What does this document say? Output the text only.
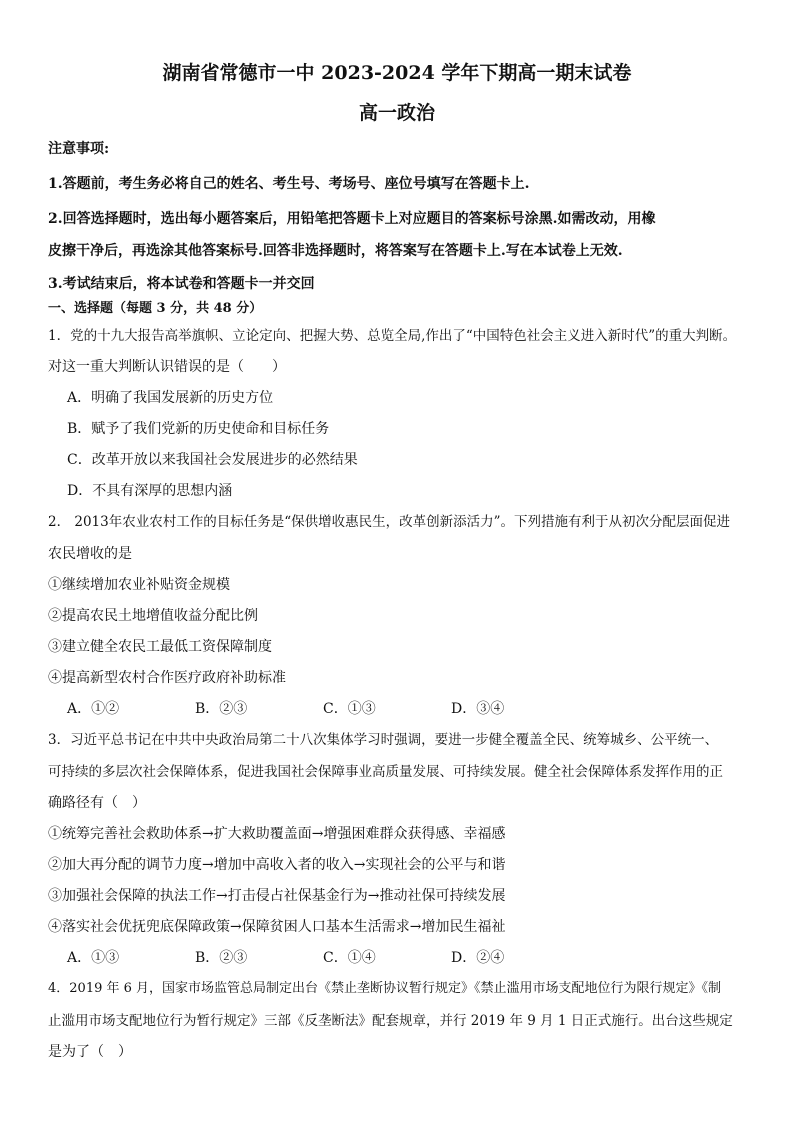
湖南省常德市一中 2023-2024 学年下期高一期末试卷
高一政治
注意事项:
1.答题前，考生务必将自己的姓名、考生号、考场号、座位号填写在答题卡上.
2.回答选择题时，选出每小题答案后，用铅笔把答题卡上对应题目的答案标号涂黑.如需改动，用橡
皮擦干净后，再选涂其他答案标号.回答非选择题时，将答案写在答题卡上.写在本试卷上无效.
3.考试结束后，将本试卷和答题卡一并交回
一、选择题（每题 3 分，共 48 分）
1．党的十九大报告高举旗帜、立论定向、把握大势、总览全局,作出了“中国特色社会主义进入新时代”的重大判断。
对这一重大判断认识错误的是（　　）
A．明确了我国发展新的历史方位
B．赋予了我们党新的历史使命和目标任务
C．改革开放以来我国社会发展进步的必然结果
D．不具有深厚的思想内涵
2． 2013年农业农村工作的目标任务是“保供增收惠民生，改革创新添活力”。下列措施有利于从初次分配层面促进
农民增收的是
①继续增加农业补贴资金规模
②提高农民土地增值收益分配比例
③建立健全农民工最低工资保障制度
④提高新型农村合作医疗政府补助标准
A．①②	B．②③	C．①③	D．③④
3．习近平总书记在中共中央政治局第二十八次集体学习时强调，要进一步健全覆盖全民、统筹城乡、公平统一、
可持续的多层次社会保障体系，促进我国社会保障事业高质量发展、可持续发展。健全社会保障体系发挥作用的正
确路径有（　）
①统筹完善社会救助体系→扩大救助覆盖面→增强困难群众获得感、幸福感
②加大再分配的调节力度→增加中高收入者的收入→实现社会的公平与和谐
③加强社会保障的执法工作→打击侵占社保基金行为→推动社保可持续发展
④落实社会优抚兜底保障政策→保障贫困人口基本生活需求→增加民生福祉
A．①③	B．②③	C．①④	D．②④
4．2019 年 6 月，国家市场监管总局制定出台《禁止垄断协议暂行规定》《禁止滥用市场支配地位行为限行规定》《制
止滥用市场支配地位行为暂行规定》三部《反垄断法》配套规章，并行 2019 年 9 月 1 日正式施行。出台这些规定
是为了（　）
